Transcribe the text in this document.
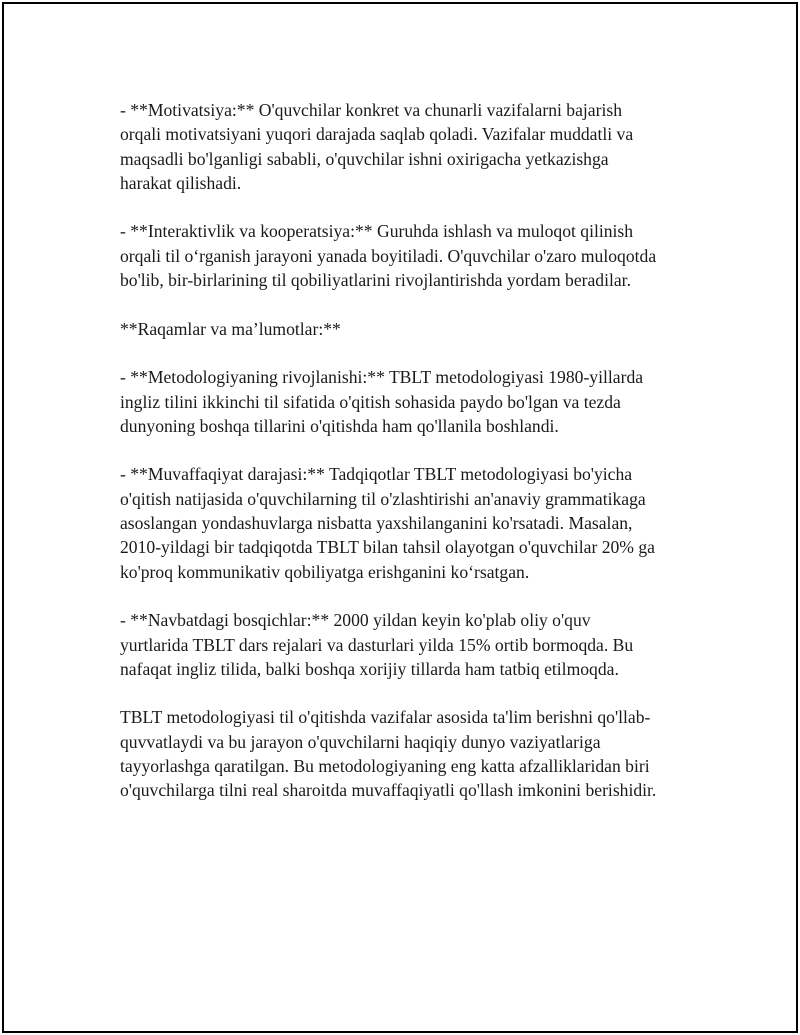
- **Motivatsiya:** O'quvchilar konkret va chunarli vazifalarni bajarish
orqali motivatsiyani yuqori darajada saqlab qoladi. Vazifalar muddatli va
maqsadli bo'lganligi sababli, o'quvchilar ishni oxirigacha yetkazishga
harakat qilishadi.

- **Interaktivlik va kooperatsiya:** Guruhda ishlash va muloqot qilinish
orqali til o‘rganish jarayoni yanada boyitiladi. O'quvchilar o'zaro muloqotda
bo'lib, bir-birlarining til qobiliyatlarini rivojlantirishda yordam beradilar.

**Raqamlar va ma’lumotlar:**

- **Metodologiyaning rivojlanishi:** TBLT metodologiyasi 1980-yillarda
ingliz tilini ikkinchi til sifatida o'qitish sohasida paydo bo'lgan va tezda
dunyoning boshqa tillarini o'qitishda ham qo'llanila boshlandi.

- **Muvaffaqiyat darajasi:** Tadqiqotlar TBLT metodologiyasi bo'yicha
o'qitish natijasida o'quvchilarning til o'zlashtirishi an'anaviy grammatikaga
asoslangan yondashuvlarga nisbatta yaxshilanganini ko'rsatadi. Masalan,
2010-yildagi bir tadqiqotda TBLT bilan tahsil olayotgan o'quvchilar 20% ga
ko'proq kommunikativ qobiliyatga erishganini ko‘rsatgan.

- **Navbatdagi bosqichlar:** 2000 yildan keyin ko'plab oliy o'quv
yurtlarida TBLT dars rejalari va dasturlari yilda 15% ortib bormoqda. Bu
nafaqat ingliz tilida, balki boshqa xorijiy tillarda ham tatbiq etilmoqda.

TBLT metodologiyasi til o'qitishda vazifalar asosida ta'lim berishni qo'llab-
quvvatlaydi va bu jarayon o'quvchilarni haqiqiy dunyo vaziyatlariga
tayyorlashga qaratilgan. Bu metodologiyaning eng katta afzalliklaridan biri
o'quvchilarga tilni real sharoitda muvaffaqiyatli qo'llash imkonini berishidir.
